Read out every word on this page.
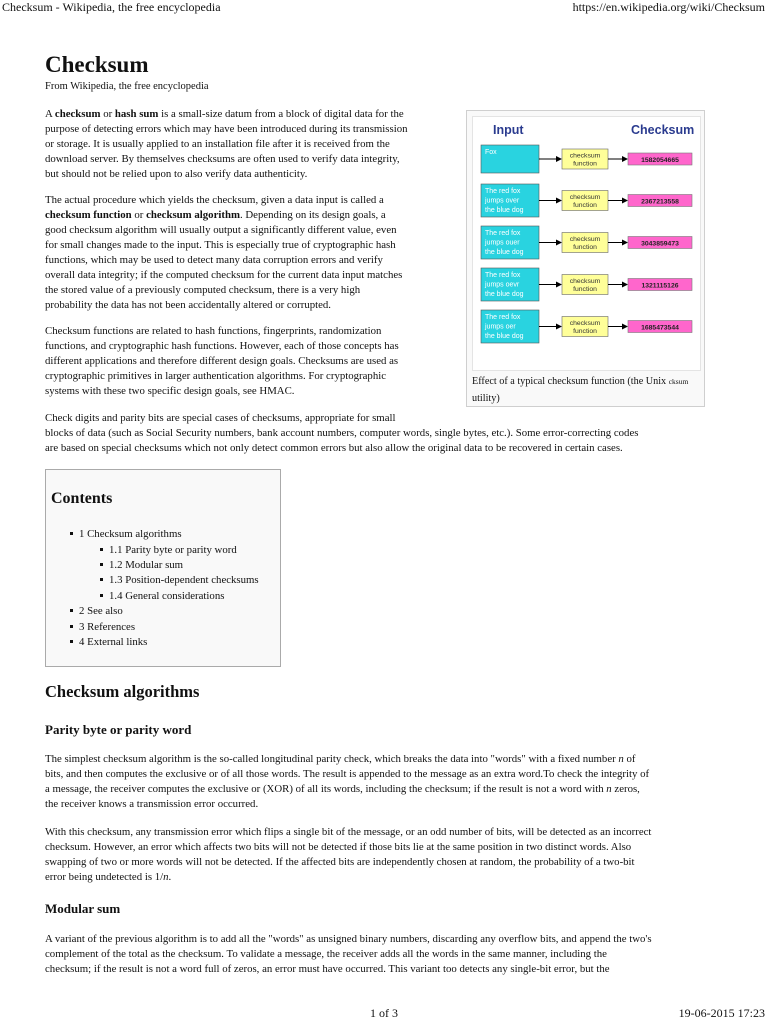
Checksum - Wikipedia, the free encyclopedia	https://en.wikipedia.org/wiki/Checksum
1 of 3	19-06-2015 17:23
Checksum
From Wikipedia, the free encyclopedia
A checksum or hash sum is a small-size datum from a block of digital data for the
purpose of detecting errors which may have been introduced during its transmission
or storage. It is usually applied to an installation file after it is received from the
download server. By themselves checksums are often used to verify data integrity,
but should not be relied upon to also verify data authenticity.
The actual procedure which yields the checksum, given a data input is called a
checksum function or checksum algorithm. Depending on its design goals, a
good checksum algorithm will usually output a significantly different value, even
for small changes made to the input. This is especially true of cryptographic hash
functions, which may be used to detect many data corruption errors and verify
overall data integrity; if the computed checksum for the current data input matches
the stored value of a previously computed checksum, there is a very high
probability the data has not been accidentally altered or corrupted.
Checksum functions are related to hash functions, fingerprints, randomization
functions, and cryptographic hash functions. However, each of those concepts has
different applications and therefore different design goals. Checksums are used as
cryptographic primitives in larger authentication algorithms. For cryptographic
systems with these two specific design goals, see HMAC.
Input	Checksum
Fox	checksum
function
1582054665
The red fox
jumps over
the blue dog
checksum
function
2367213558
The red fox
jumps ouer
the blue dog
checksum
function
3043859473
The red fox
jumps oevr
the blue dog
checksum
function
1321115126
The red fox
jumps oer
the blue dog
checksum
function
1685473544
Effect of a typical checksum function (the Unix cksum
utility)
Check digits and parity bits are special cases of checksums, appropriate for small
blocks of data (such as Social Security numbers, bank account numbers, computer words, single bytes, etc.). Some error-correcting codes
are based on special checksums which not only detect common errors but also allow the original data to be recovered in certain cases.
Contents
1 Checksum algorithms
1.1 Parity byte or parity word
1.2 Modular sum
1.3 Position-dependent checksums
1.4 General considerations
2 See also
3 References
4 External links
Checksum algorithms
Parity byte or parity word
The simplest checksum algorithm is the so-called longitudinal parity check, which breaks the data into "words" with a fixed number n of
bits, and then computes the exclusive or of all those words. The result is appended to the message as an extra word.To check the integrity of
a message, the receiver computes the exclusive or (XOR) of all its words, including the checksum; if the result is not a word with n zeros,
the receiver knows a transmission error occurred.
With this checksum, any transmission error which flips a single bit of the message, or an odd number of bits, will be detected as an incorrect
checksum. However, an error which affects two bits will not be detected if those bits lie at the same position in two distinct words. Also
swapping of two or more words will not be detected. If the affected bits are independently chosen at random, the probability of a two-bit
error being undetected is 1/n.
Modular sum
A variant of the previous algorithm is to add all the "words" as unsigned binary numbers, discarding any overflow bits, and append the two's
complement of the total as the checksum. To validate a message, the receiver adds all the words in the same manner, including the
checksum; if the result is not a word full of zeros, an error must have occurred. This variant too detects any single-bit error, but the
